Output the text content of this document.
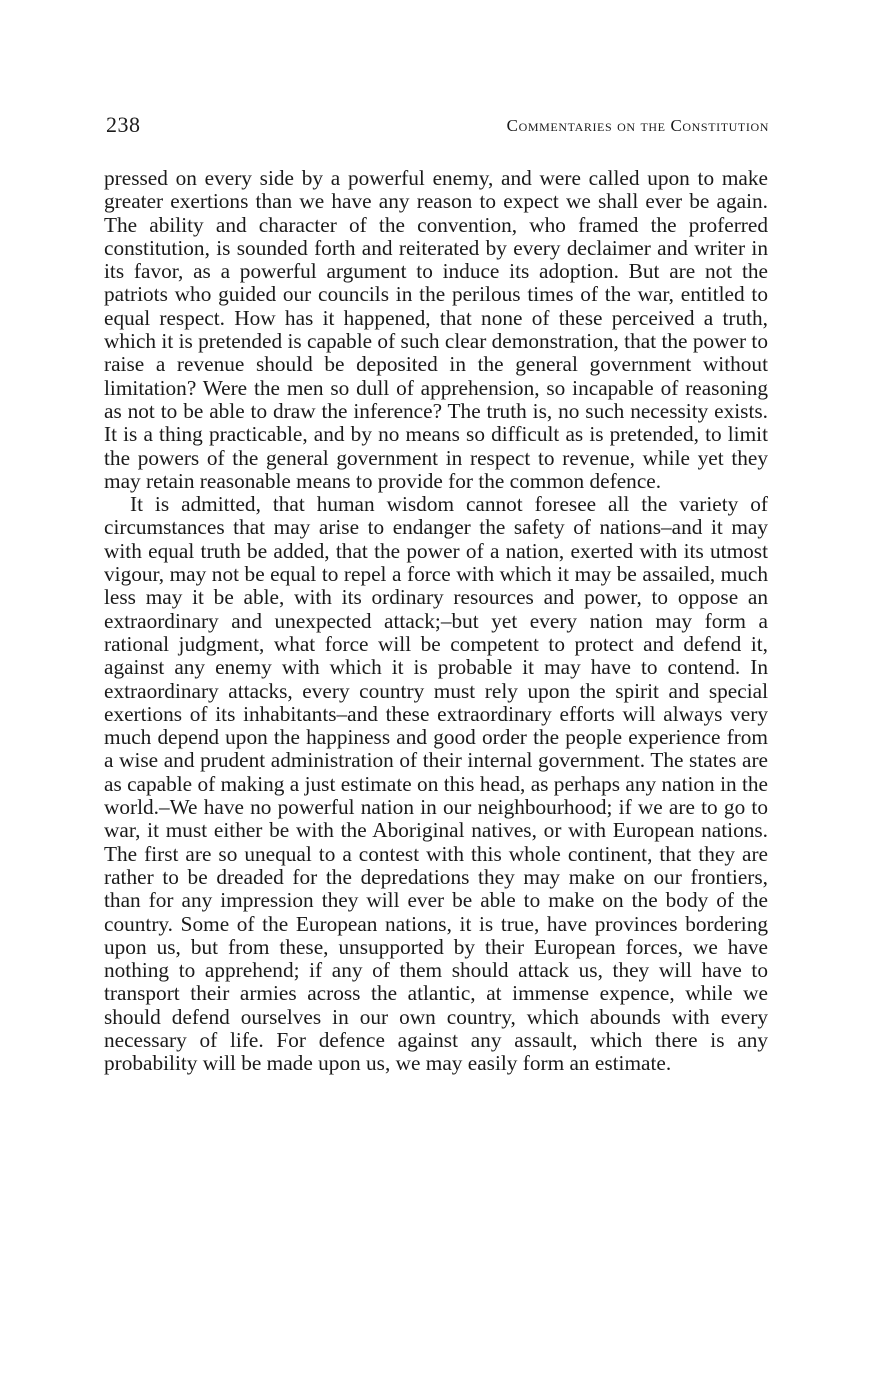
238	Commentaries on the Constitution

pressed on every side by a powerful enemy, and were called upon to make greater exertions than we have any reason to expect we shall ever be again. The ability and character of the convention, who framed the proferred constitution, is sounded forth and reiterated by every declaimer and writer in its favor, as a powerful argument to induce its adoption. But are not the patriots who guided our councils in the perilous times of the war, entitled to equal respect. How has it happened, that none of these perceived a truth, which it is pretended is capable of such clear demonstration, that the power to raise a revenue should be deposited in the general government without limitation? Were the men so dull of apprehension, so incapable of reasoning as not to be able to draw the inference? The truth is, no such necessity exists. It is a thing practicable, and by no means so difficult as is pretended, to limit the powers of the general government in respect to revenue, while yet they may retain reasonable means to provide for the common defence.

It is admitted, that human wisdom cannot foresee all the variety of circumstances that may arise to endanger the safety of nations–and it may with equal truth be added, that the power of a nation, exerted with its utmost vigour, may not be equal to repel a force with which it may be assailed, much less may it be able, with its ordinary resources and power, to oppose an extraordinary and unexpected attack;–but yet every nation may form a rational judgment, what force will be competent to protect and defend it, against any enemy with which it is probable it may have to contend. In extraordinary attacks, every country must rely upon the spirit and special exertions of its inhabitants–and these extraordinary efforts will always very much depend upon the happiness and good order the people experience from a wise and prudent administration of their internal government. The states are as capable of making a just estimate on this head, as perhaps any nation in the world.–We have no powerful nation in our neighbourhood; if we are to go to war, it must either be with the Aboriginal natives, or with European nations. The first are so unequal to a contest with this whole continent, that they are rather to be dreaded for the depredations they may make on our frontiers, than for any impression they will ever be able to make on the body of the country. Some of the European nations, it is true, have provinces bordering upon us, but from these, unsupported by their European forces, we have nothing to apprehend; if any of them should attack us, they will have to transport their armies across the atlantic, at immense expence, while we should defend ourselves in our own country, which abounds with every necessary of life. For defence against any assault, which there is any probability will be made upon us, we may easily form an estimate.
